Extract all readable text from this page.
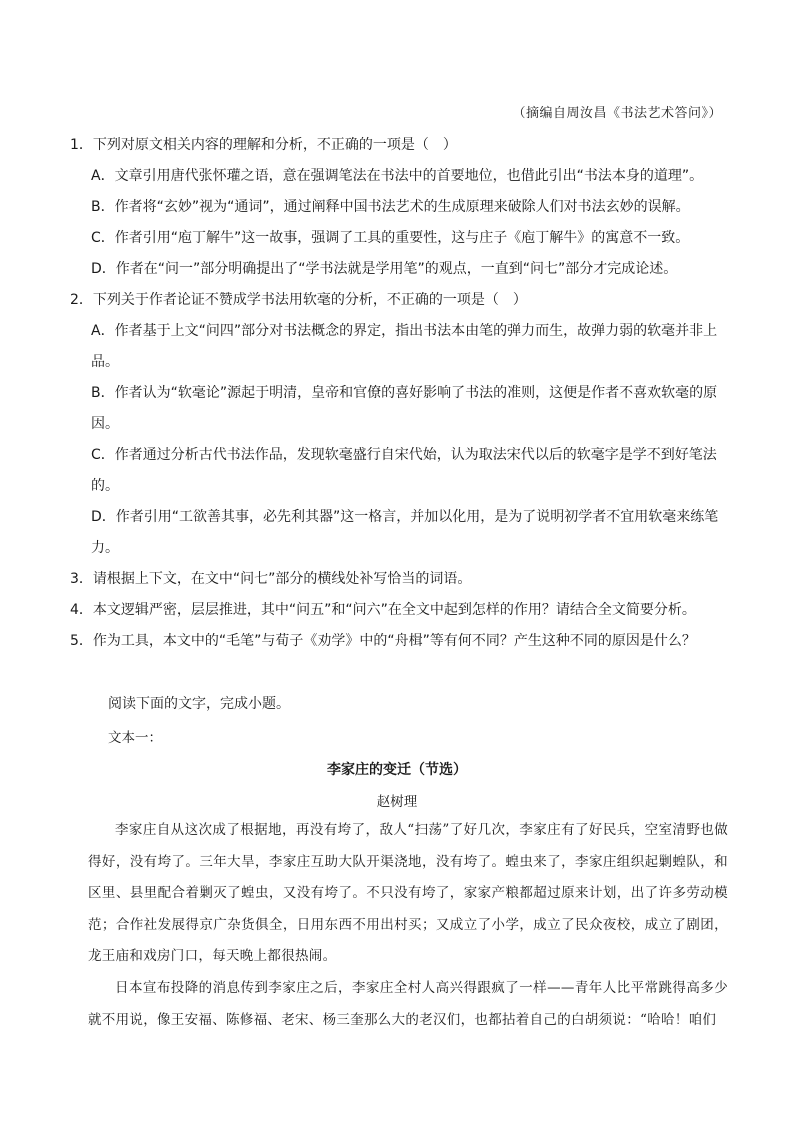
（摘编自周汝昌《书法艺术答问》）
1．下列对原文相关内容的理解和分析，不正确的一项是（　）
A．文章引用唐代张怀瓘之语，意在强调笔法在书法中的首要地位，也借此引出“书法本身的道理”。
B．作者将“玄妙”视为“通词”，通过阐释中国书法艺术的生成原理来破除人们对书法玄妙的误解。
C．作者引用“庖丁解牛”这一故事，强调了工具的重要性，这与庄子《庖丁解牛》的寓意不一致。
D．作者在“问一”部分明确提出了“学书法就是学用笔”的观点，一直到“问七”部分才完成论述。
2．下列关于作者论证不赞成学书法用软毫的分析，不正确的一项是（　）
A．作者基于上文“问四”部分对书法概念的界定，指出书法本由笔的弹力而生，故弹力弱的软毫并非上
品。
B．作者认为“软毫论”源起于明清，皇帝和官僚的喜好影响了书法的准则，这便是作者不喜欢软毫的原
因。
C．作者通过分析古代书法作品，发现软毫盛行自宋代始，认为取法宋代以后的软毫字是学不到好笔法
的。
D．作者引用“工欲善其事，必先利其器”这一格言，并加以化用，是为了说明初学者不宜用软毫来练笔
力。
3．请根据上下文，在文中“问七”部分的横线处补写恰当的词语。
4．本文逻辑严密，层层推进，其中“问五”和“问六”在全文中起到怎样的作用？请结合全文简要分析。
5．作为工具，本文中的“毛笔”与荀子《劝学》中的“舟楫”等有何不同？产生这种不同的原因是什么？
阅读下面的文字，完成小题。
文本一：
李家庄的变迁（节选）
赵树理
李家庄自从这次成了根据地，再没有垮了，敌人“扫荡”了好几次，李家庄有了好民兵，空室清野也做得好，没有垮了。三年大旱，李家庄互助大队开渠浇地，没有垮了。蝗虫来了，李家庄组织起剿蝗队，和区里、县里配合着剿灭了蝗虫，又没有垮了。不只没有垮了，家家产粮都超过原来计划，出了许多劳动模范；合作社发展得京广杂货俱全，日用东西不用出村买；又成立了小学，成立了民众夜校，成立了剧团，龙王庙和戏房门口，每天晚上都很热闹。
日本宣布投降的消息传到李家庄之后，李家庄全村人高兴得跟疯了一样——青年人比平常跳得高多少就不用说，像王安福、陈修福、老宋、杨三奎那么大的老汉们，也都拈着自己的白胡须说：“哈哈！咱们
